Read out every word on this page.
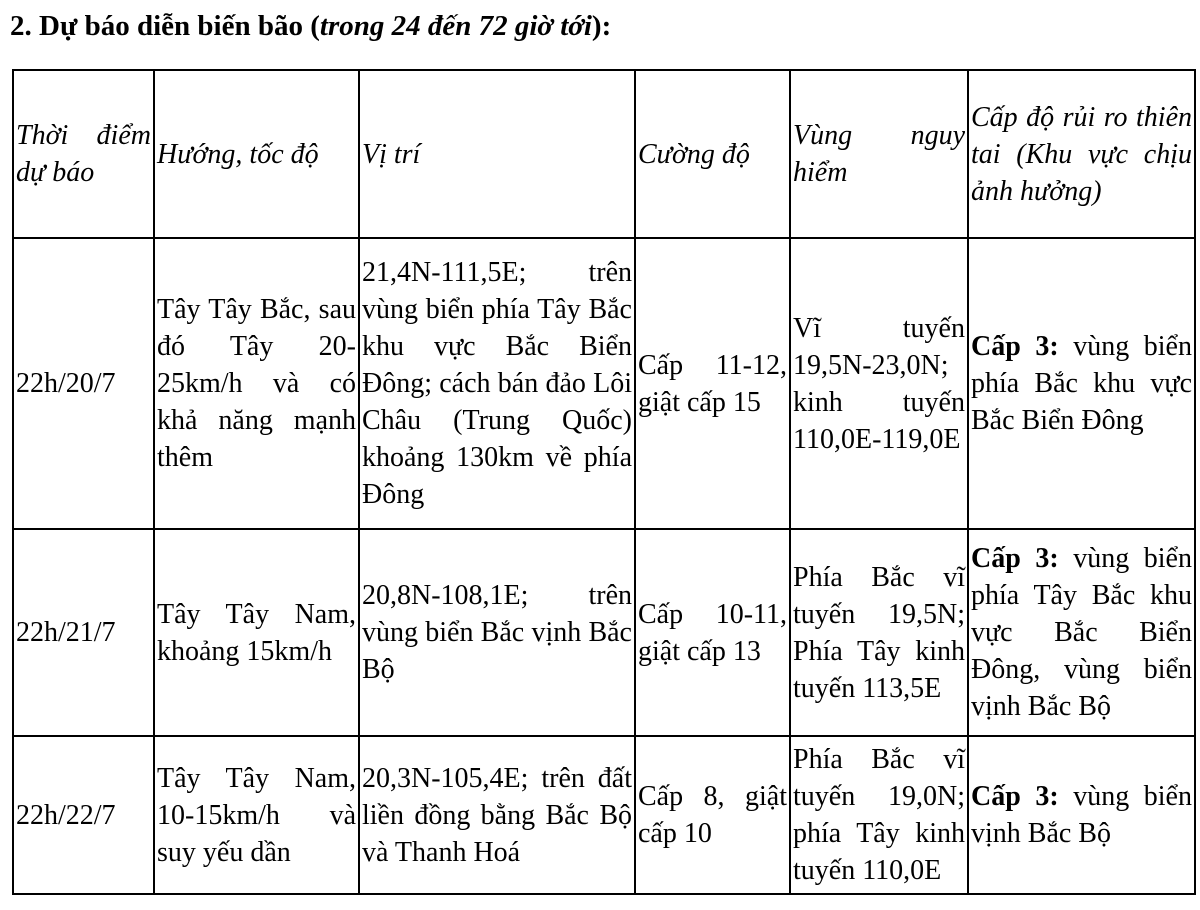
2. Dự báo diễn biến bão (trong 24 đến 72 giờ tới):
Thời điểm dự báo	Hướng, tốc độ	Vị trí	Cường độ	Vùng nguy hiểm	Cấp độ rủi ro thiên tai (Khu vực chịu ảnh hưởng)
22h/20/7	Tây Tây Bắc, sau đó Tây 20-25km/h và có khả năng mạnh thêm	21,4N-111,5E; trên vùng biển phía Tây Bắc khu vực Bắc Biển Đông; cách bán đảo Lôi Châu (Trung Quốc) khoảng 130km về phía Đông	Cấp 11-12, giật cấp 15	Vĩ tuyến 19,5N-23,0N; kinh tuyến 110,0E-119,0E	Cấp 3: vùng biển phía Bắc khu vực Bắc Biển Đông
22h/21/7	Tây Tây Nam, khoảng 15km/h	20,8N-108,1E; trên vùng biển Bắc vịnh Bắc Bộ	Cấp 10-11, giật cấp 13	Phía Bắc vĩ tuyến 19,5N; Phía Tây kinh tuyến 113,5E	Cấp 3: vùng biển phía Tây Bắc khu vực Bắc Biển Đông, vùng biển vịnh Bắc Bộ
22h/22/7	Tây Tây Nam, 10-15km/h và suy yếu dần	20,3N-105,4E; trên đất liền đồng bằng Bắc Bộ và Thanh Hoá	Cấp 8, giật cấp 10	Phía Bắc vĩ tuyến 19,0N; phía Tây kinh tuyến 110,0E	Cấp 3: vùng biển vịnh Bắc Bộ
